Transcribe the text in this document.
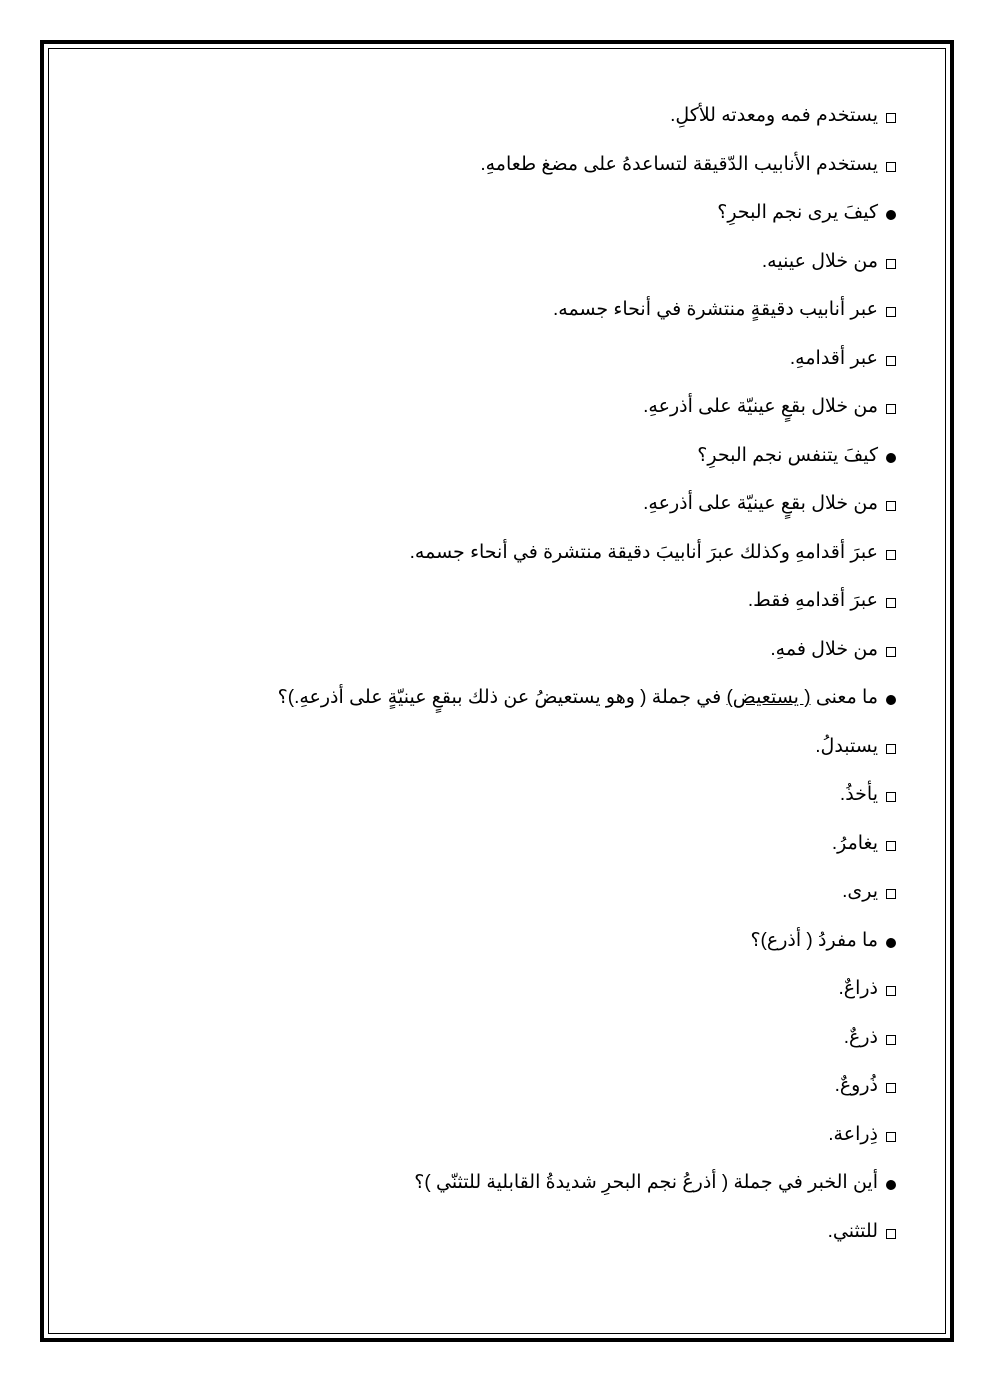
يستخدم فمه ومعدته للأكلِ.
يستخدم الأنابيب الدّقيقة لتساعدهُ على مضغ طعامهِ.
كيفَ يرى نجم البحرِ؟
من خلال عينيه.
عبر أنابيب دقيقةٍ منتشرة في أنحاء جسمه.
عبر أقدامهِ.
من خلال بقعٍ عينيّة على أذرعهِ.
كيفَ يتنفس نجم البحرِ؟
من خلال بقعٍ عينيّة على أذرعهِ.
عبرَ أقدامهِ وكذلك عبرَ أنابيبَ دقيقة منتشرة في أنحاء جسمه.
عبرَ أقدامهِ فقط.
من خلال فمهِ.
ما معنى ( يستعيض) في جملة ( وهو يستعيضُ عن ذلك ببقعٍ عينيّةٍ على أذرعهِ.)؟
يستبدلُ.
يأخذُ.
يغامرُ.
يرى.
ما مفردُ ( أذرع)؟
ذراعٌ.
ذرعٌ.
ذُروعٌ.
ذِراعة.
أين الخبر في جملة ( أذرعُ نجم البحرِ شديدةُ القابلية للتثنّي )؟
للتثني.
